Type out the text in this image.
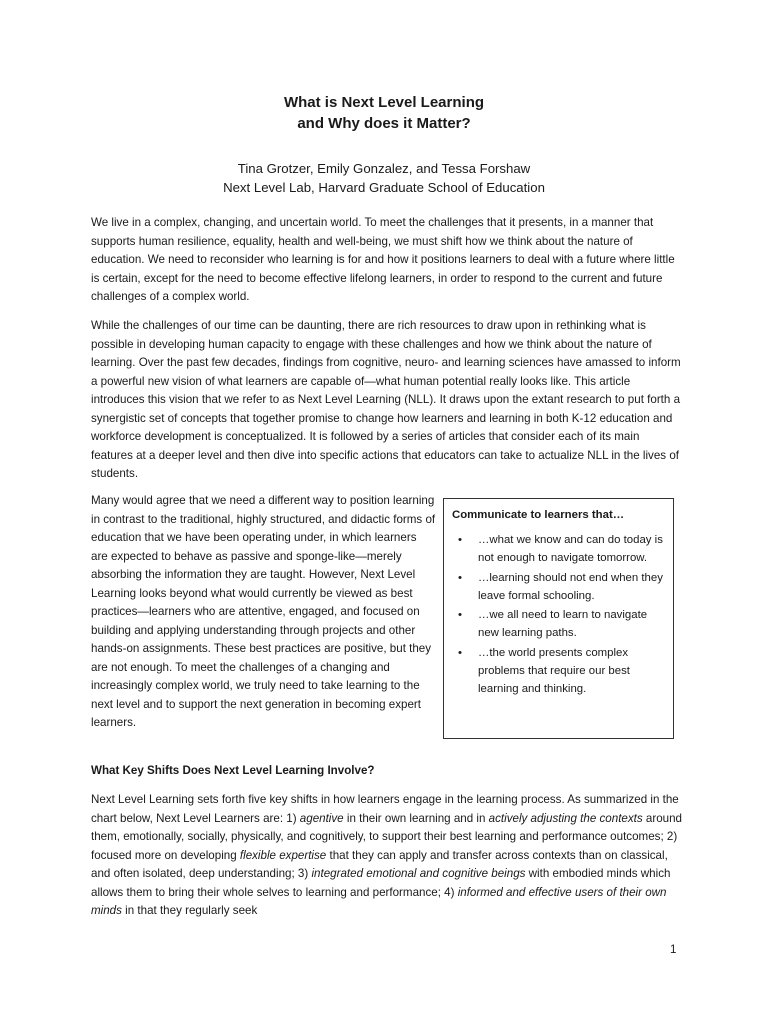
What is Next Level Learning
and Why does it Matter?
Tina Grotzer, Emily Gonzalez, and Tessa Forshaw
Next Level Lab, Harvard Graduate School of Education

We live in a complex, changing, and uncertain world. To meet the challenges that it presents, in a manner that supports human resilience, equality, health and well-being, we must shift how we think about the nature of education. We need to reconsider who learning is for and how it positions learners to deal with a future where little is certain, except for the need to become effective lifelong learners, in order to respond to the current and future challenges of a complex world.

While the challenges of our time can be daunting, there are rich resources to draw upon in rethinking what is possible in developing human capacity to engage with these challenges and how we think about the nature of learning. Over the past few decades, findings from cognitive, neuro- and learning sciences have amassed to inform a powerful new vision of what learners are capable of—what human potential really looks like. This article introduces this vision that we refer to as Next Level Learning (NLL). It draws upon the extant research to put forth a synergistic set of concepts that together promise to change how learners and learning in both K-12 education and workforce development is conceptualized. It is followed by a series of articles that consider each of its main features at a deeper level and then dive into specific actions that educators can take to actualize NLL in the lives of students.

Many would agree that we need a different way to position learning in contrast to the traditional, highly structured, and didactic forms of education that we have been operating under, in which learners are expected to behave as passive and sponge-like—merely absorbing the information they are taught. However, Next Level Learning looks beyond what would currently be viewed as best practices—learners who are attentive, engaged, and focused on building and applying understanding through projects and other hands-on assignments. These best practices are positive, but they are not enough. To meet the challenges of a changing and increasingly complex world, we truly need to take learning to the next level and to support the next generation in becoming expert learners.

Communicate to learners that…

• …what we know and can do today is not enough to navigate tomorrow.
• …learning should not end when they leave formal schooling.
• …we all need to learn to navigate new learning paths.
• …the world presents complex problems that require our best learning and thinking.

What Key Shifts Does Next Level Learning Involve?

Next Level Learning sets forth five key shifts in how learners engage in the learning process. As summarized in the chart below, Next Level Learners are: 1) agentive in their own learning and in actively adjusting the contexts around them, emotionally, socially, physically, and cognitively, to support their best learning and performance outcomes; 2) focused more on developing flexible expertise that they can apply and transfer across contexts than on classical, and often isolated, deep understanding; 3) integrated emotional and cognitive beings with embodied minds which allows them to bring their whole selves to learning and performance; 4) informed and effective users of their own minds in that they regularly seek

1
